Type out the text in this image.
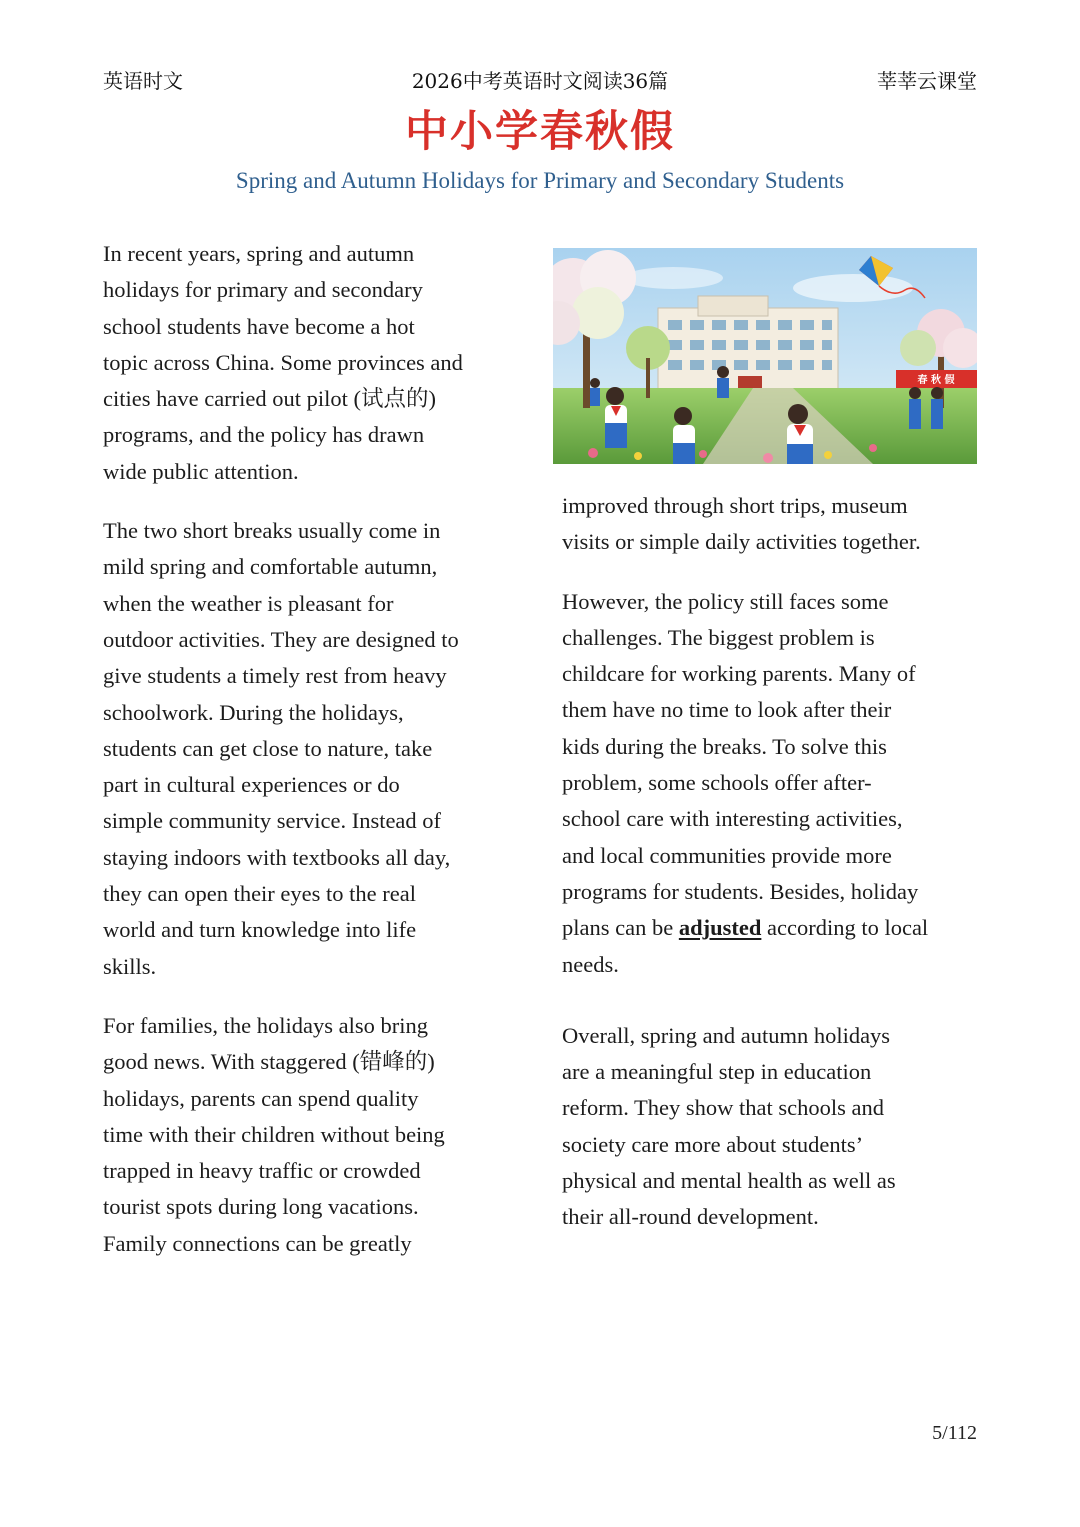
英语时文	2026中考英语时文阅读36篇	莘莘云课堂
中小学春秋假
Spring and Autumn Holidays for Primary and Secondary Students

In recent years, spring and autumn
holidays for primary and secondary
school students have become a hot
topic across China. Some provinces and
cities have carried out pilot (试点的)
programs, and the policy has drawn
wide public attention.

The two short breaks usually come in
mild spring and comfortable autumn,
when the weather is pleasant for
outdoor activities. They are designed to
give students a timely rest from heavy
schoolwork. During the holidays,
students can get close to nature, take
part in cultural experiences or do
simple community service. Instead of
staying indoors with textbooks all day,
they can open their eyes to the real
world and turn knowledge into life
skills.

For families, the holidays also bring
good news. With staggered (错峰的)
holidays, parents can spend quality
time with their children without being
trapped in heavy traffic or crowded
tourist spots during long vacations.
Family connections can be greatly

春 秋 假

improved through short trips, museum
visits or simple daily activities together.

However, the policy still faces some
challenges. The biggest problem is
childcare for working parents. Many of
them have no time to look after their
kids during the breaks. To solve this
problem, some schools offer after-
school care with interesting activities,
and local communities provide more
programs for students. Besides, holiday
plans can be adjusted according to local
needs.

Overall, spring and autumn holidays
are a meaningful step in education
reform. They show that schools and
society care more about students’
physical and mental health as well as
their all-round development.

5/112
